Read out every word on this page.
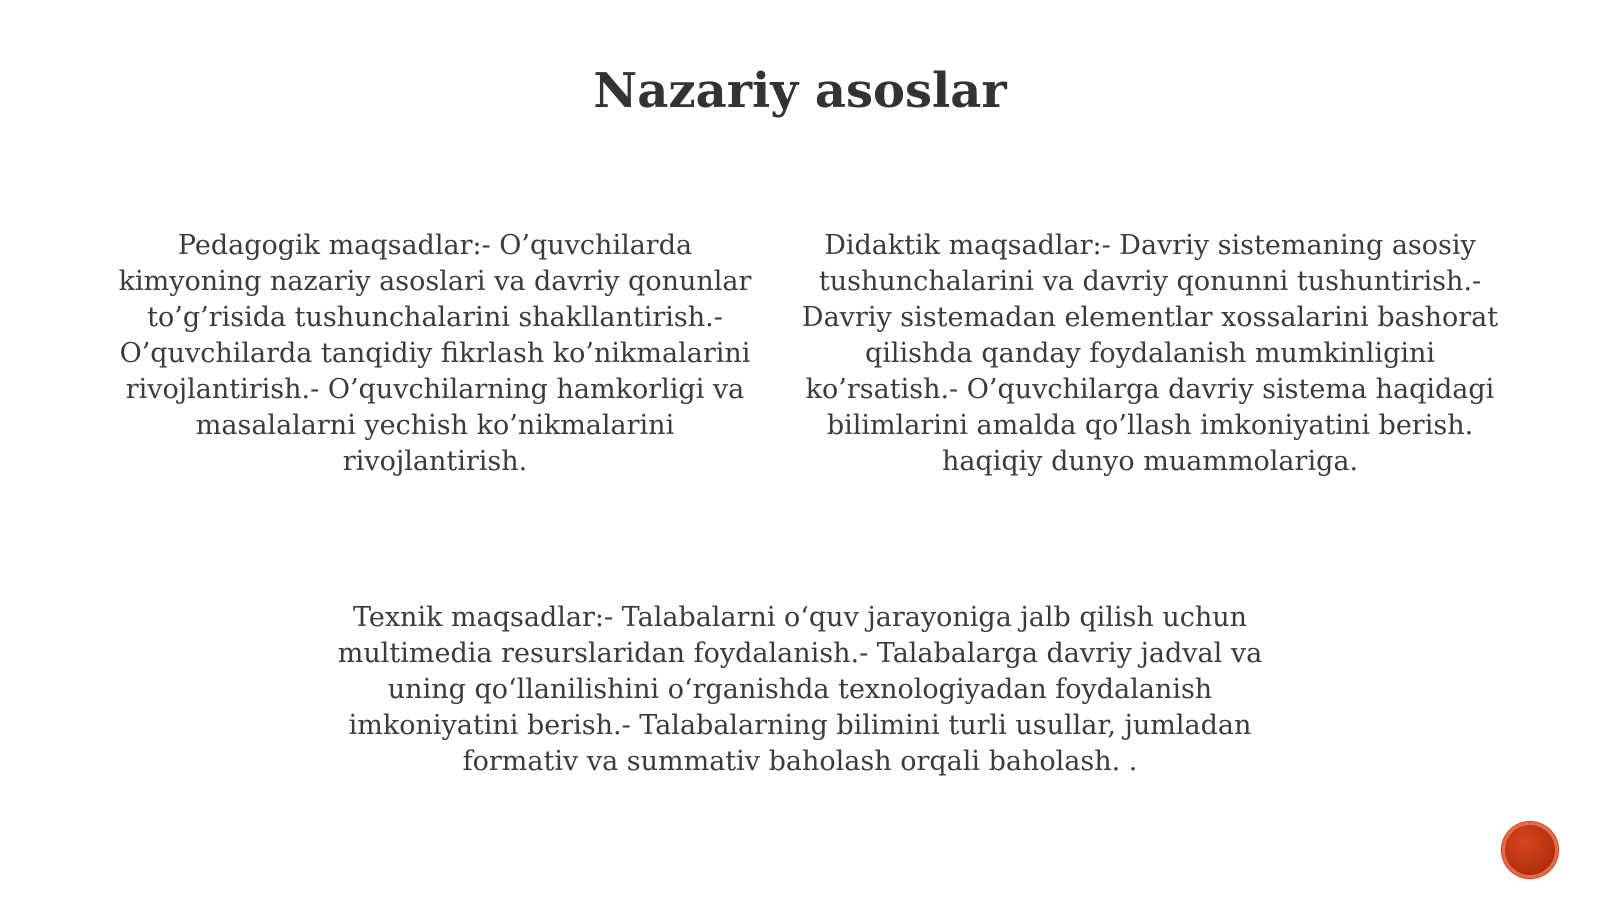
Nazariy asoslar

Pedagogik maqsadlar:- O’quvchilarda kimyoning nazariy asoslari va davriy qonunlar to’g’risida tushunchalarini shakllantirish.- O’quvchilarda tanqidiy fikrlash ko’nikmalarini rivojlantirish.- O’quvchilarning hamkorligi va masalalarni yechish ko’nikmalarini rivojlantirish.

Didaktik maqsadlar:- Davriy sistemaning asosiy tushunchalarini va davriy qonunni tushuntirish.- Davriy sistemadan elementlar xossalarini bashorat qilishda qanday foydalanish mumkinligini ko’rsatish.- O’quvchilarga davriy sistema haqidagi bilimlarini amalda qo’llash imkoniyatini berish. haqiqiy dunyo muammolariga.

Texnik maqsadlar:- Talabalarni oʻquv jarayoniga jalb qilish uchun multimedia resurslaridan foydalanish.- Talabalarga davriy jadval va uning qoʻllanilishini oʻrganishda texnologiyadan foydalanish imkoniyatini berish.- Talabalarning bilimini turli usullar, jumladan formativ va summativ baholash orqali baholash. .
